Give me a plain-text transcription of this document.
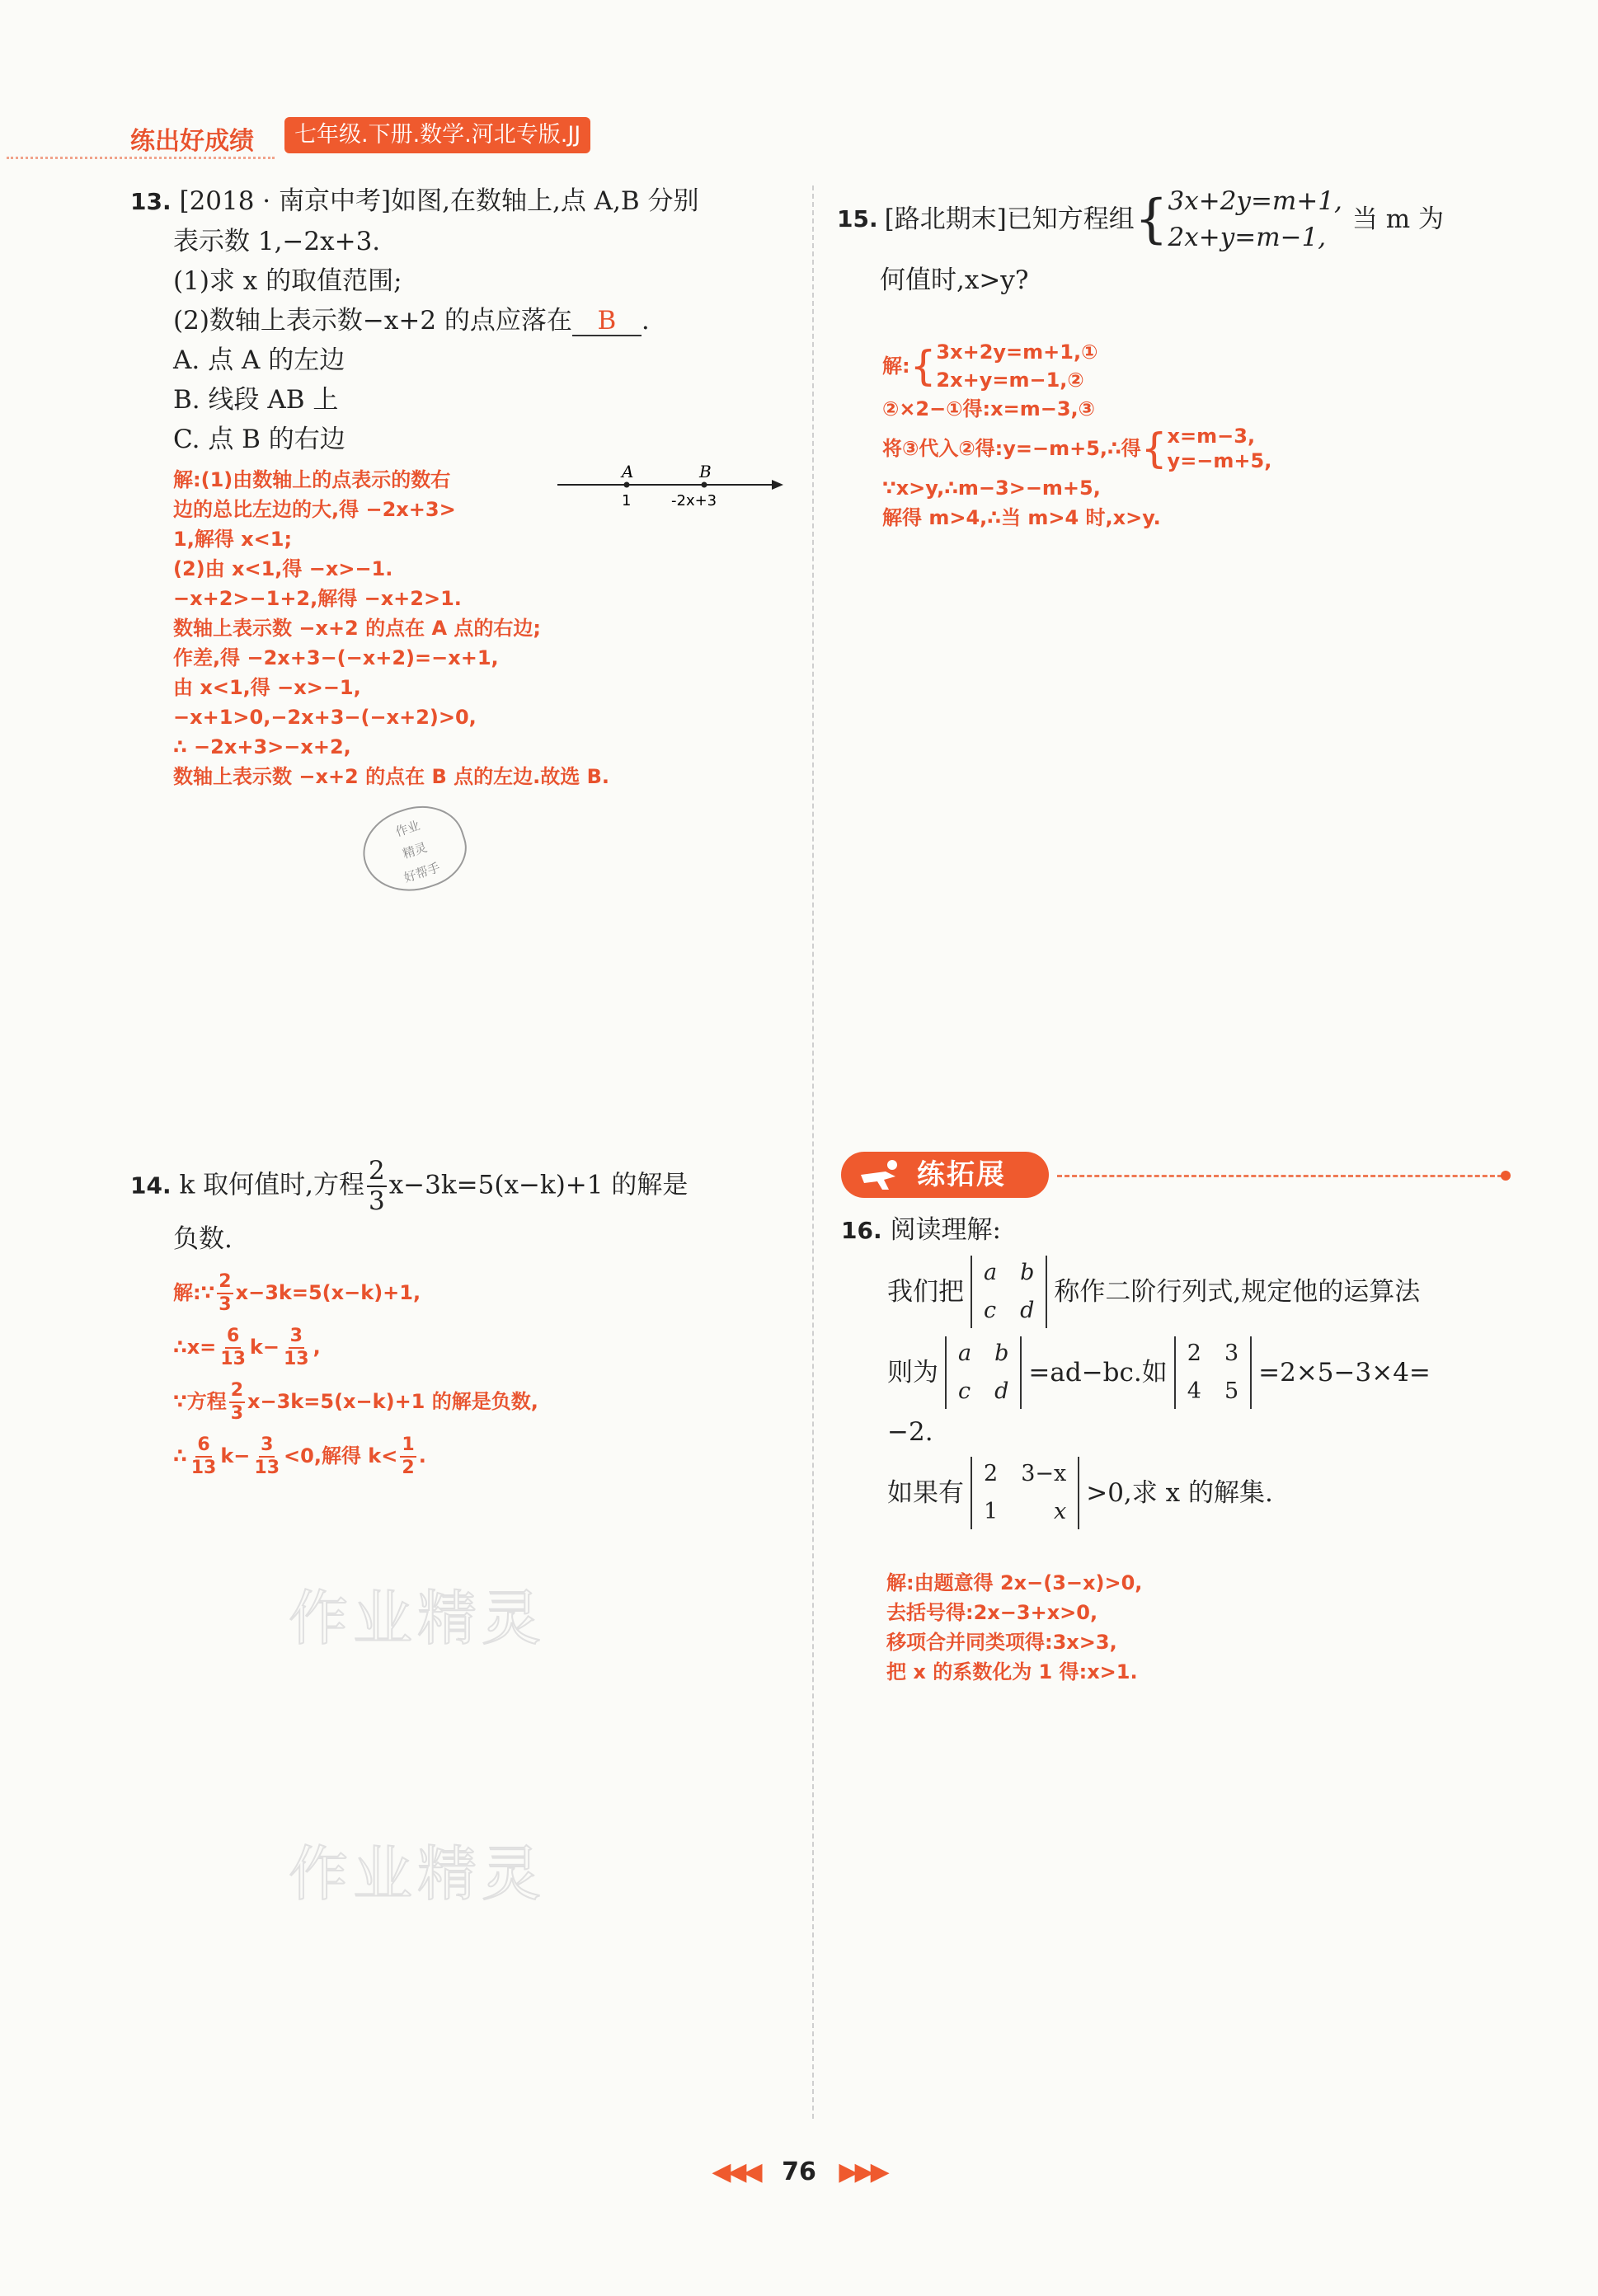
练出好成绩	七年级.下册.数学.河北专版.JJ
13. [2018 · 南京中考]如图,在数轴上,点 A,B 分别
表示数 1,−2x+3.
(1)求 x 的取值范围;
(2)数轴上表示数−x+2 的点应落在 B .
A. 点 A 的左边
B. 线段 AB 上
C. 点 B 的右边
A	B
1	-2x+3
解:(1)由数轴上的点表示的数右
边的总比左边的大,得 −2x+3>
1,解得 x<1;
(2)由 x<1,得 −x>−1.
−x+2>−1+2,解得 −x+2>1.
数轴上表示数 −x+2 的点在 A 点的右边;
作差,得 −2x+3−(−x+2)=−x+1,
由 x<1,得 −x>−1,
−x+1>0,−2x+3−(−x+2)>0,
∴ −2x+3>−x+2,
数轴上表示数 −x+2 的点在 B 点的左边.故选 B.
作业
精灵
好帮手
14. k 取何值时,方程 $\frac{2}{3} x-3k=5(x-k)+1$ 的解是
负数.
解:∵ $\frac{2}{3} x-3k=5(x-k)+1$,
∴x= $\frac{6}{13} k- \frac{3}{13}$ ,
∵方程 $\frac{2}{3} x-3k=5(x-k)+1$ 的解是负数,
∴ $\frac{6}{13} k- \frac{3}{13} <0$,解得 $k< \frac{1}{2}$ .
作业精灵
作业精灵
15. [路北期末] 已知方程组 { 3x+2y=m+1,
2x+y=m−1,
当 m 为
何值时,x>y?
解: { 3x+2y=m+1,①
2x+y=m−1,②
②×2−①得:x=m−3,③
将③代入②得:y=−m+5,∴得 { x=m−3,
y=−m+5,
∵x>y,∴m−3>−m+5,
解得 m>4,∴当 m>4 时,x>y.
练拓展
16. 阅读理解:
我们把
a b
c d
称作二阶行列式,规定他的运算法
则为
a b
c d
=ad−bc.如
2 3
4 5
=2×5−3×4=
−2.
如果有
2 3−x
1	x
>0,求 x 的解集.
解:由题意得 2x−(3−x)>0,
去括号得:2x−3+x>0,
移项合并同类项得:3x>3,
把 x 的系数化为 1 得:x>1.
◀◀◀ 76 ▶▶▶
